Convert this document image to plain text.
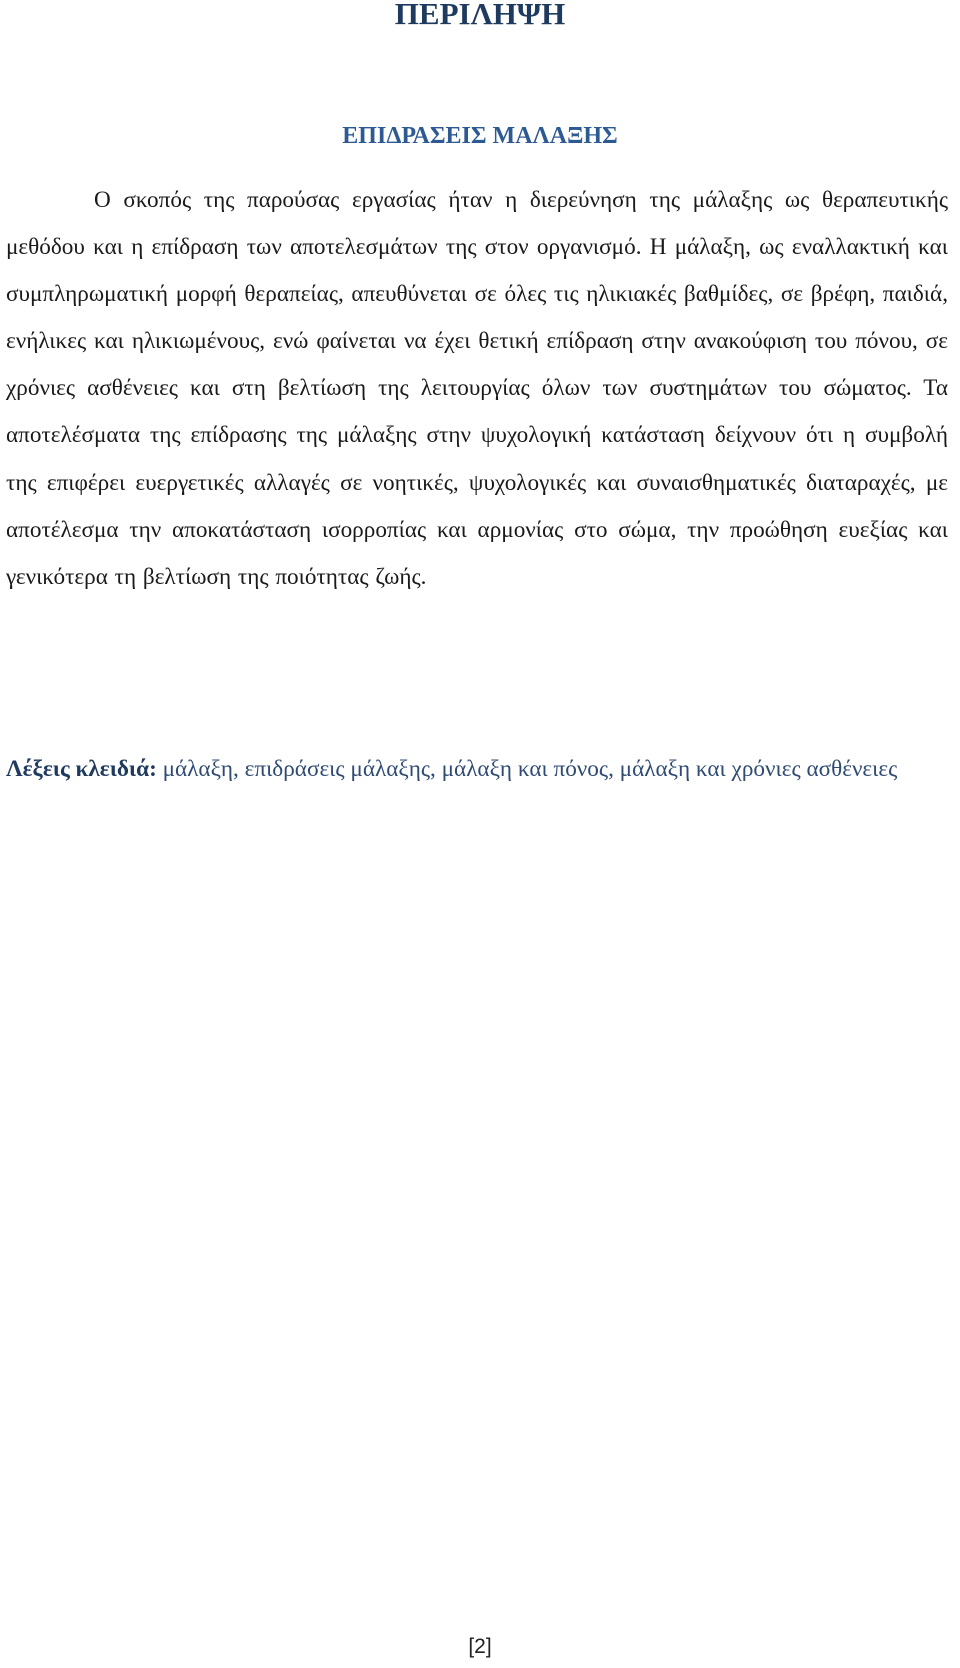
ΠΕΡΙΛΗΨΗ
ΕΠΙΔΡΑΣΕΙΣ ΜΑΛΑΞΗΣ

Ο σκοπός της παρούσας εργασίας ήταν η διερεύνηση της μάλαξης ως θεραπευτικής μεθόδου και η επίδραση των αποτελεσμάτων της στον οργανισμό. Η μάλαξη, ως εναλλακτική και συμπληρωματική μορφή θεραπείας, απευθύνεται σε όλες τις ηλικιακές βαθμίδες, σε βρέφη, παιδιά, ενήλικες και ηλικιωμένους, ενώ φαίνεται να έχει θετική επίδραση στην ανακούφιση του πόνου, σε χρόνιες ασθένειες και στη βελτίωση της λειτουργίας όλων των συστημάτων του σώματος. Τα αποτελέσματα της επίδρασης της μάλαξης στην ψυχολογική κατάσταση δείχνουν ότι η συμβολή της επιφέρει ευεργετικές αλλαγές σε νοητικές, ψυχολογικές και συναισθηματικές διαταραχές, με αποτέλεσμα την αποκατάσταση ισορροπίας και αρμονίας στο σώμα, την προώθηση ευεξίας και γενικότερα τη βελτίωση της ποιότητας ζωής.

Λέξεις κλειδιά: μάλαξη, επιδράσεις μάλαξης, μάλαξη και πόνος, μάλαξη και χρόνιες ασθένειες

[2]
